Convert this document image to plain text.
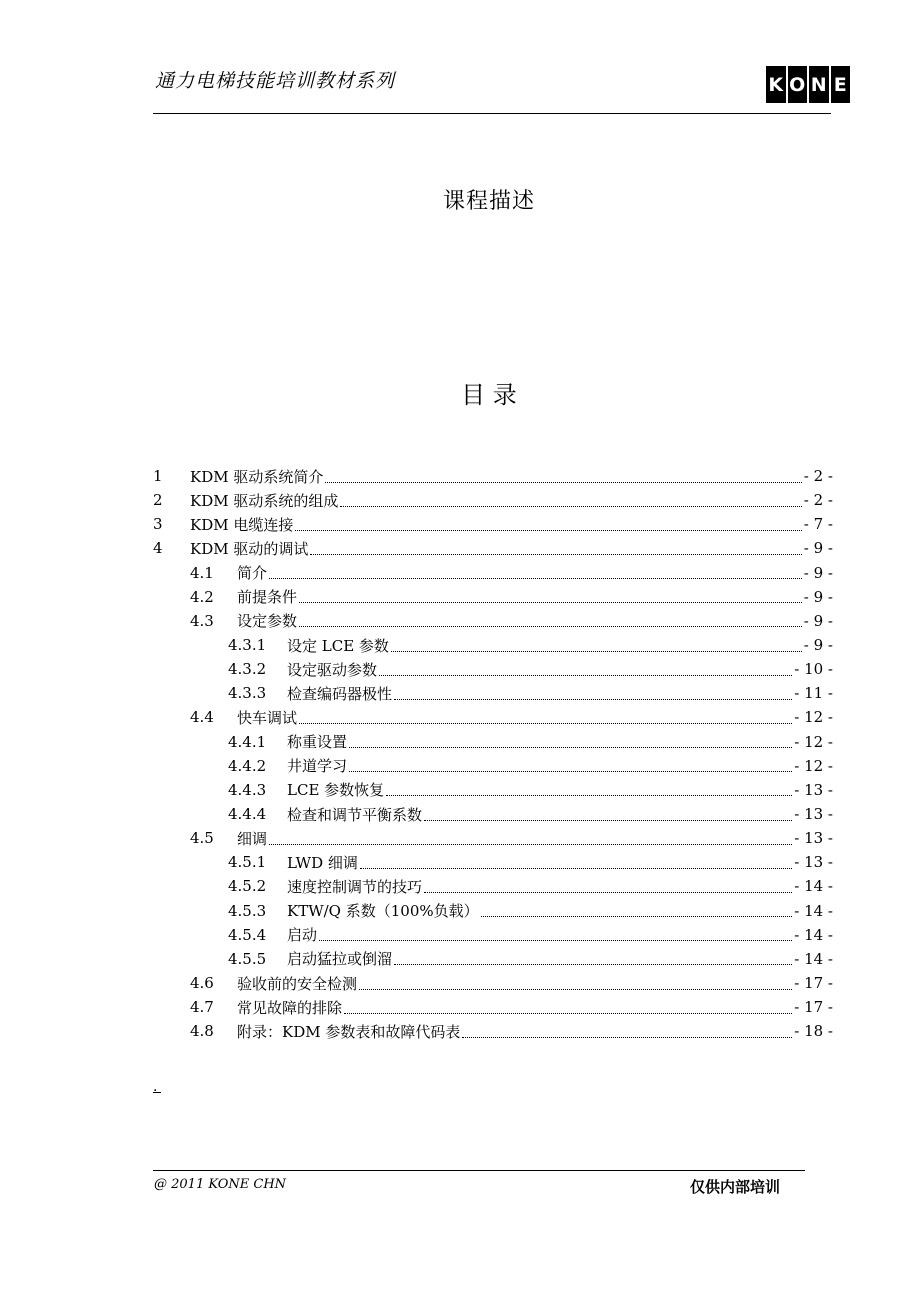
通力电梯技能培训教材系列	K O N E
课程描述
目 录
1	KDM 驱动系统简介	- 2 -
2	KDM 驱动系统的组成	- 2 -
3	KDM 电缆连接	- 7 -
4	KDM 驱动的调试	- 9 -
4.1	简介	- 9 -
4.2	前提条件	- 9 -
4.3	设定参数	- 9 -
4.3.1	设定 LCE 参数	- 9 -
4.3.2	设定驱动参数	- 10 -
4.3.3	检查编码器极性	- 11 -
4.4	快车调试	- 12 -
4.4.1	称重设置	- 12 -
4.4.2	井道学习	- 12 -
4.4.3	LCE 参数恢复	- 13 -
4.4.4	检查和调节平衡系数	- 13 -
4.5	细调	- 13 -
4.5.1	LWD 细调	- 13 -
4.5.2	速度控制调节的技巧	- 14 -
4.5.3	KTW/Q 系数（100%负载）	- 14 -
4.5.4	启动	- 14 -
4.5.5	启动猛拉或倒溜	- 14 -
4.6	验收前的安全检测	- 17 -
4.7	常见故障的排除	- 17 -
4.8	附录：KDM 参数表和故障代码表	- 18 -
.
@ 2011 KONE CHN	仅供内部培训
